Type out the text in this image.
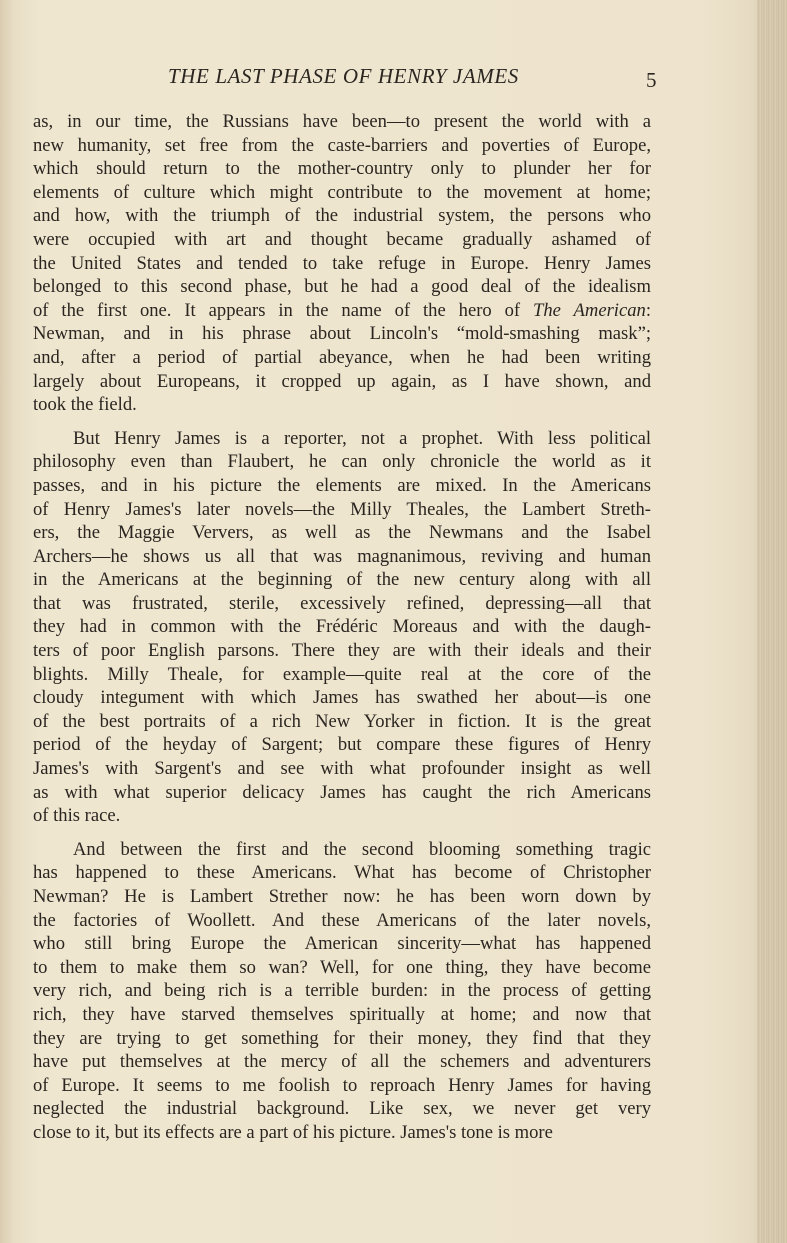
THE LAST PHASE OF HENRY JAMES	5
as, in our time, the Russians have been—to present the world with a
new humanity, set free from the caste-barriers and poverties of Europe,
which should return to the mother-country only to plunder her for
elements of culture which might contribute to the movement at home;
and how, with the triumph of the industrial system, the persons who
were occupied with art and thought became gradually ashamed of
the United States and tended to take refuge in Europe. Henry James
belonged to this second phase, but he had a good deal of the idealism
of the first one. It appears in the name of the hero of The American:
Newman, and in his phrase about Lincoln's “mold-smashing mask”;
and, after a period of partial abeyance, when he had been writing
largely about Europeans, it cropped up again, as I have shown, and
took the field.
But Henry James is a reporter, not a prophet. With less political
philosophy even than Flaubert, he can only chronicle the world as it
passes, and in his picture the elements are mixed. In the Americans
of Henry James's later novels—the Milly Theales, the Lambert Streth-
ers, the Maggie Ververs, as well as the Newmans and the Isabel
Archers—he shows us all that was magnanimous, reviving and human
in the Americans at the beginning of the new century along with all
that was frustrated, sterile, excessively refined, depressing—all that
they had in common with the Frédéric Moreaus and with the daugh-
ters of poor English parsons. There they are with their ideals and their
blights. Milly Theale, for example—quite real at the core of the
cloudy integument with which James has swathed her about—is one
of the best portraits of a rich New Yorker in fiction. It is the great
period of the heyday of Sargent; but compare these figures of Henry
James's with Sargent's and see with what profounder insight as well
as with what superior delicacy James has caught the rich Americans
of this race.
And between the first and the second blooming something tragic
has happened to these Americans. What has become of Christopher
Newman? He is Lambert Strether now: he has been worn down by
the factories of Woollett. And these Americans of the later novels,
who still bring Europe the American sincerity—what has happened
to them to make them so wan? Well, for one thing, they have become
very rich, and being rich is a terrible burden: in the process of getting
rich, they have starved themselves spiritually at home; and now that
they are trying to get something for their money, they find that they
have put themselves at the mercy of all the schemers and adventurers
of Europe. It seems to me foolish to reproach Henry James for having
neglected the industrial background. Like sex, we never get very
close to it, but its effects are a part of his picture. James's tone is more
